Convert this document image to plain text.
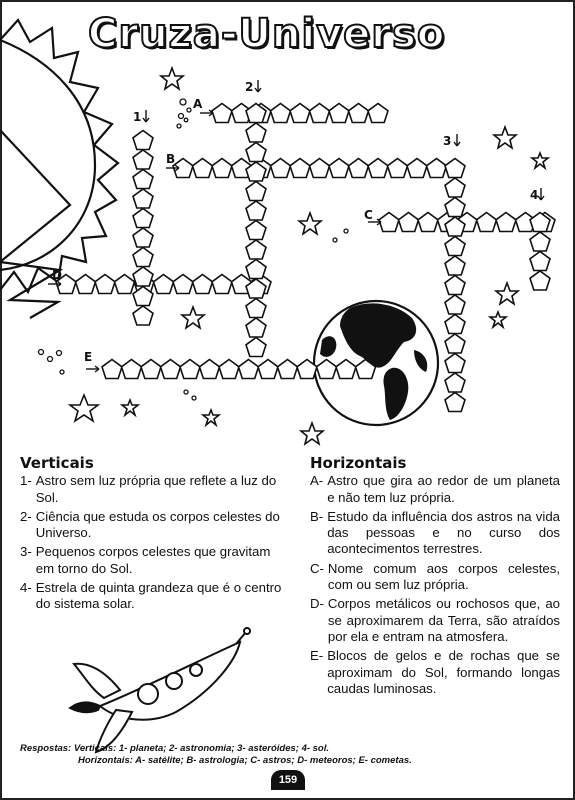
Cruza-Universo
1
2
3
4
A
B
C
D
E
Verticais
1- Astro sem luz própria que reflete a luz do Sol.
2- Ciência que estuda os corpos celestes do Universo.
3- Pequenos corpos celestes que gravitam em torno do Sol.
4- Estrela de quinta grandeza que é o centro do sistema solar.
Horizontais
A- Astro que gira ao redor de um planeta e não tem luz própria.
B- Estudo da influência dos astros na vida das pessoas e no curso dos acontecimentos terrestres.
C- Nome comum aos corpos celestes, com ou sem luz própria.
D- Corpos metálicos ou rochosos que, ao se aproximarem da Terra, são atraídos por ela e entram na atmosfera.
E- Blocos de gelos e de rochas que se aproximam do Sol, formando longas caudas luminosas.
Respostas: Verticais: 1- planeta; 2- astronomia; 3- asteróides; 4- sol.
Horizontais: A- satélite; B- astrologia; C- astros; D- meteoros; E- cometas.
159
